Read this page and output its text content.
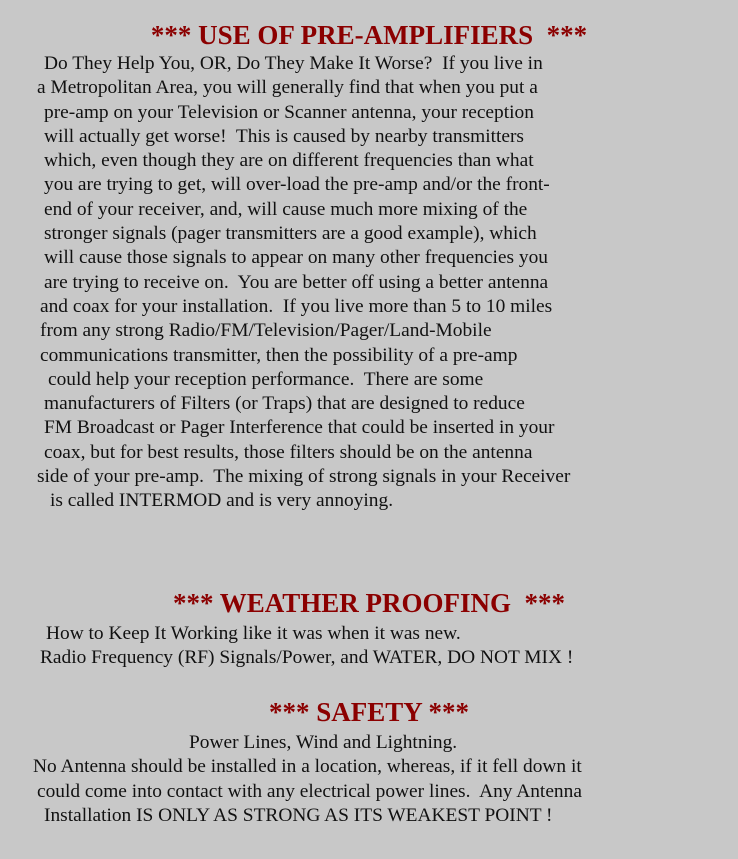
*** USE OF PRE-AMPLIFIERS  ***
Do They Help You, OR, Do They Make It Worse?  If you live in
a Metropolitan Area, you will generally find that when you put a
pre-amp on your Television or Scanner antenna, your reception
will actually get worse!  This is caused by nearby transmitters
which, even though they are on different frequencies than what
you are trying to get, will over-load the pre-amp and/or the front-
end of your receiver, and, will cause much more mixing of the
stronger signals (pager transmitters are a good example), which
will cause those signals to appear on many other frequencies you
are trying to receive on.  You are better off using a better antenna
and coax for your installation.  If you live more than 5 to 10 miles
from any strong Radio/FM/Television/Pager/Land-Mobile
communications transmitter, then the possibility of a pre-amp
could help your reception performance.  There are some
manufacturers of Filters (or Traps) that are designed to reduce
FM Broadcast or Pager Interference that could be inserted in your
coax, but for best results, those filters should be on the antenna
side of your pre-amp.  The mixing of strong signals in your Receiver
is called INTERMOD and is very annoying.
*** WEATHER PROOFING  ***
How to Keep It Working like it was when it was new.
Radio Frequency (RF) Signals/Power, and WATER, DO NOT MIX !
*** SAFETY ***
Power Lines, Wind and Lightning.
No Antenna should be installed in a location, whereas, if it fell down it
could come into contact with any electrical power lines.  Any Antenna
Installation IS ONLY AS STRONG AS ITS WEAKEST POINT !
